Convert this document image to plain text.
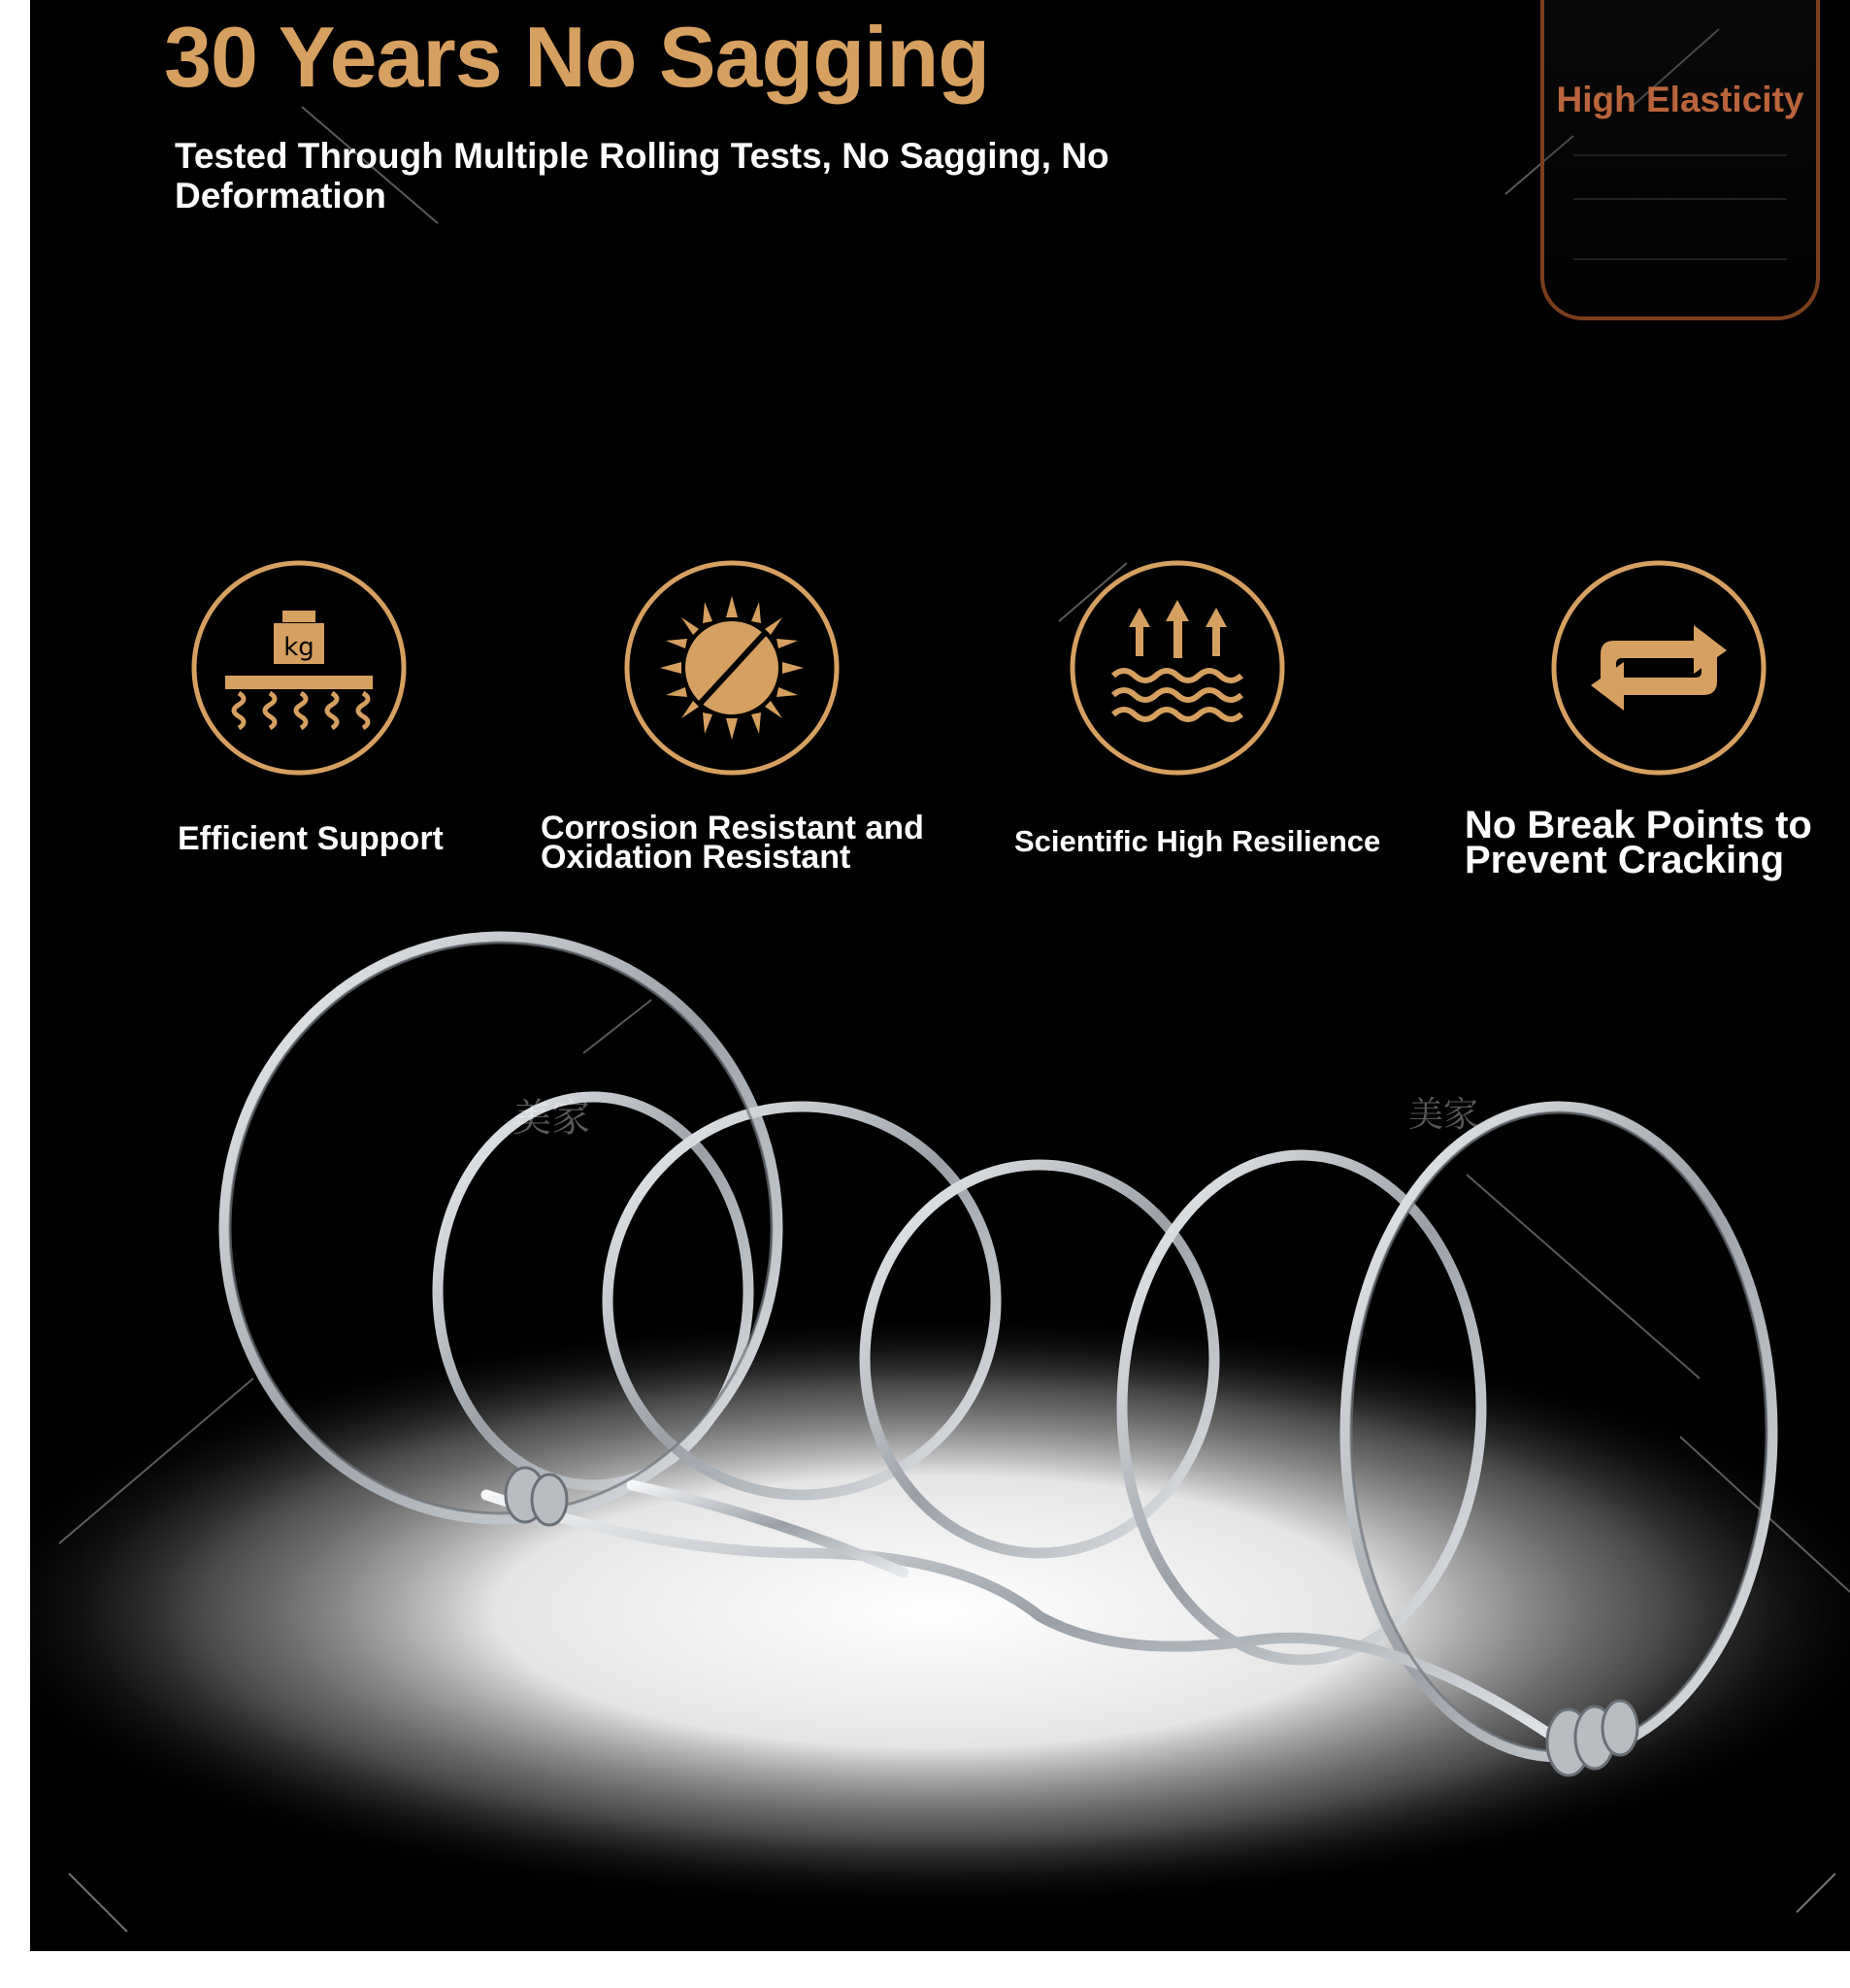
30 Years No Sagging

Tested Through Multiple Rolling Tests, No Sagging, No Deformation

High Elasticity
kg

Efficient Support	Corrosion Resistant and
Oxidation Resistant	Scientific High Resilience No Break Points to
Prevent Cracking

美家	美家
